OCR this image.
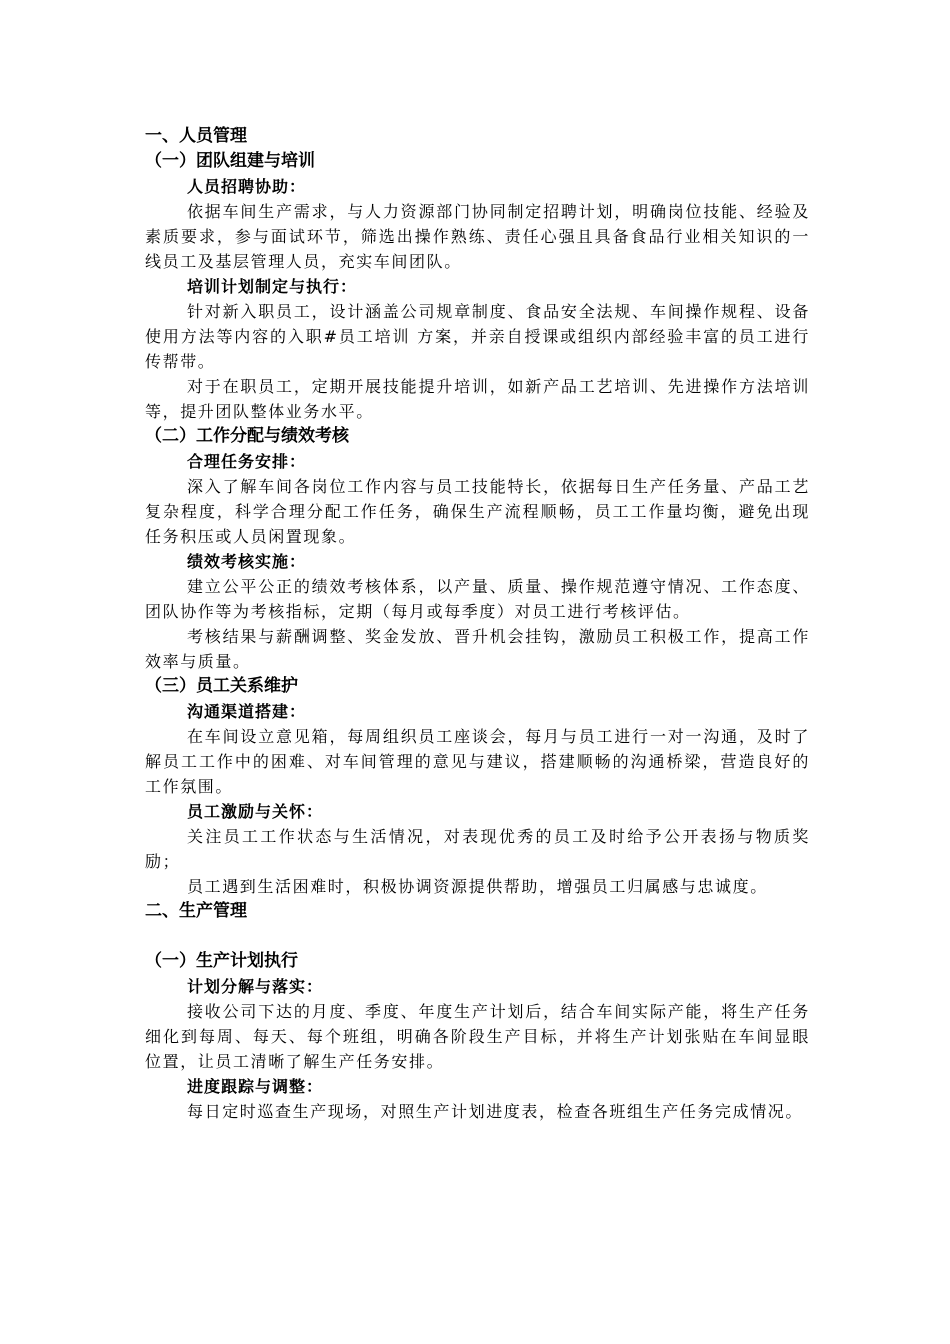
一、人员管理

（一）团队组建与培训

人员招聘协助：

依据车间生产需求，与人力资源部门协同制定招聘计划，明确岗位技能、经验及素质要求，参与面试环节，筛选出操作熟练、责任心强且具备食品行业相关知识的一线员工及基层管理人员，充实车间团队。

培训计划制定与执行：

针对新入职员工，设计涵盖公司规章制度、食品安全法规、车间操作规程、设备使用方法等内容的入职#员工培训 方案，并亲自授课或组织内部经验丰富的员工进行传帮带。

对于在职员工，定期开展技能提升培训，如新产品工艺培训、先进操作方法培训等，提升团队整体业务水平。

（二）工作分配与绩效考核

合理任务安排：

深入了解车间各岗位工作内容与员工技能特长，依据每日生产任务量、产品工艺复杂程度，科学合理分配工作任务，确保生产流程顺畅，员工工作量均衡，避免出现任务积压或人员闲置现象。

绩效考核实施：

建立公平公正的绩效考核体系，以产量、质量、操作规范遵守情况、工作态度、团队协作等为考核指标，定期（每月或每季度）对员工进行考核评估。

考核结果与薪酬调整、奖金发放、晋升机会挂钩，激励员工积极工作，提高工作效率与质量。

（三）员工关系维护

沟通渠道搭建：

在车间设立意见箱，每周组织员工座谈会，每月与员工进行一对一沟通，及时了解员工工作中的困难、对车间管理的意见与建议，搭建顺畅的沟通桥梁，营造良好的工作氛围。

员工激励与关怀：

关注员工工作状态与生活情况，对表现优秀的员工及时给予公开表扬与物质奖励；

员工遇到生活困难时，积极协调资源提供帮助，增强员工归属感与忠诚度。

二、生产管理

（一）生产计划执行

计划分解与落实：

接收公司下达的月度、季度、年度生产计划后，结合车间实际产能，将生产任务细化到每周、每天、每个班组，明确各阶段生产目标，并将生产计划张贴在车间显眼位置，让员工清晰了解生产任务安排。

进度跟踪与调整：

每日定时巡查生产现场，对照生产计划进度表，检查各班组生产任务完成情况。
